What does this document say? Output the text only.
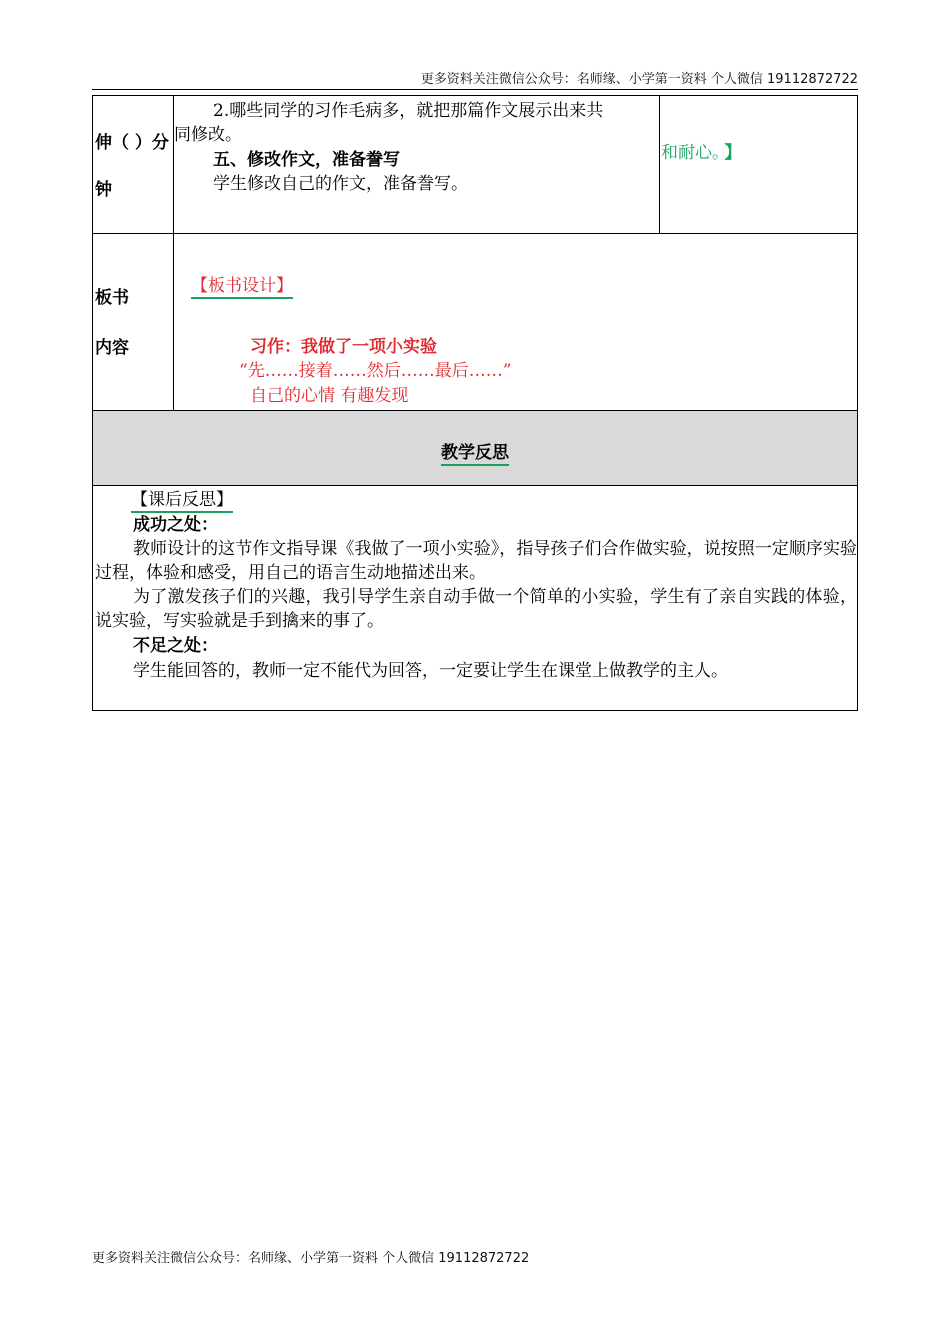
更多资料关注微信公众号：名师缘、小学第一资料 个人微信 19112872722
伸（ ）分
钟
2.哪些同学的习作毛病多，就把那篇作文展示出来共
同修改。
五、修改作文，准备誊写
学生修改自己的作文，准备誊写。
和耐心。 】
板书
内容
【板书设计】
习作：我做了一项小实验
“先……接着……然后……最后……”
自己的心情 有趣发现
教学反思
【课后反思】
成功之处：
教师设计的这节作文指导课《我做了一项小实验》，指导孩子们合作做实验，说按照一定顺序实验过程，体验和感受，用自己的语言生动地描述出来。
为了激发孩子们的兴趣，我引导学生亲自动手做一个简单的小实验，学生有了亲自实践的体验，说实验，写实验就是手到擒来的事了。
不足之处：
学生能回答的，教师一定不能代为回答，一定要让学生在课堂上做教学的主人。
更多资料关注微信公众号：名师缘、小学第一资料 个人微信 19112872722
